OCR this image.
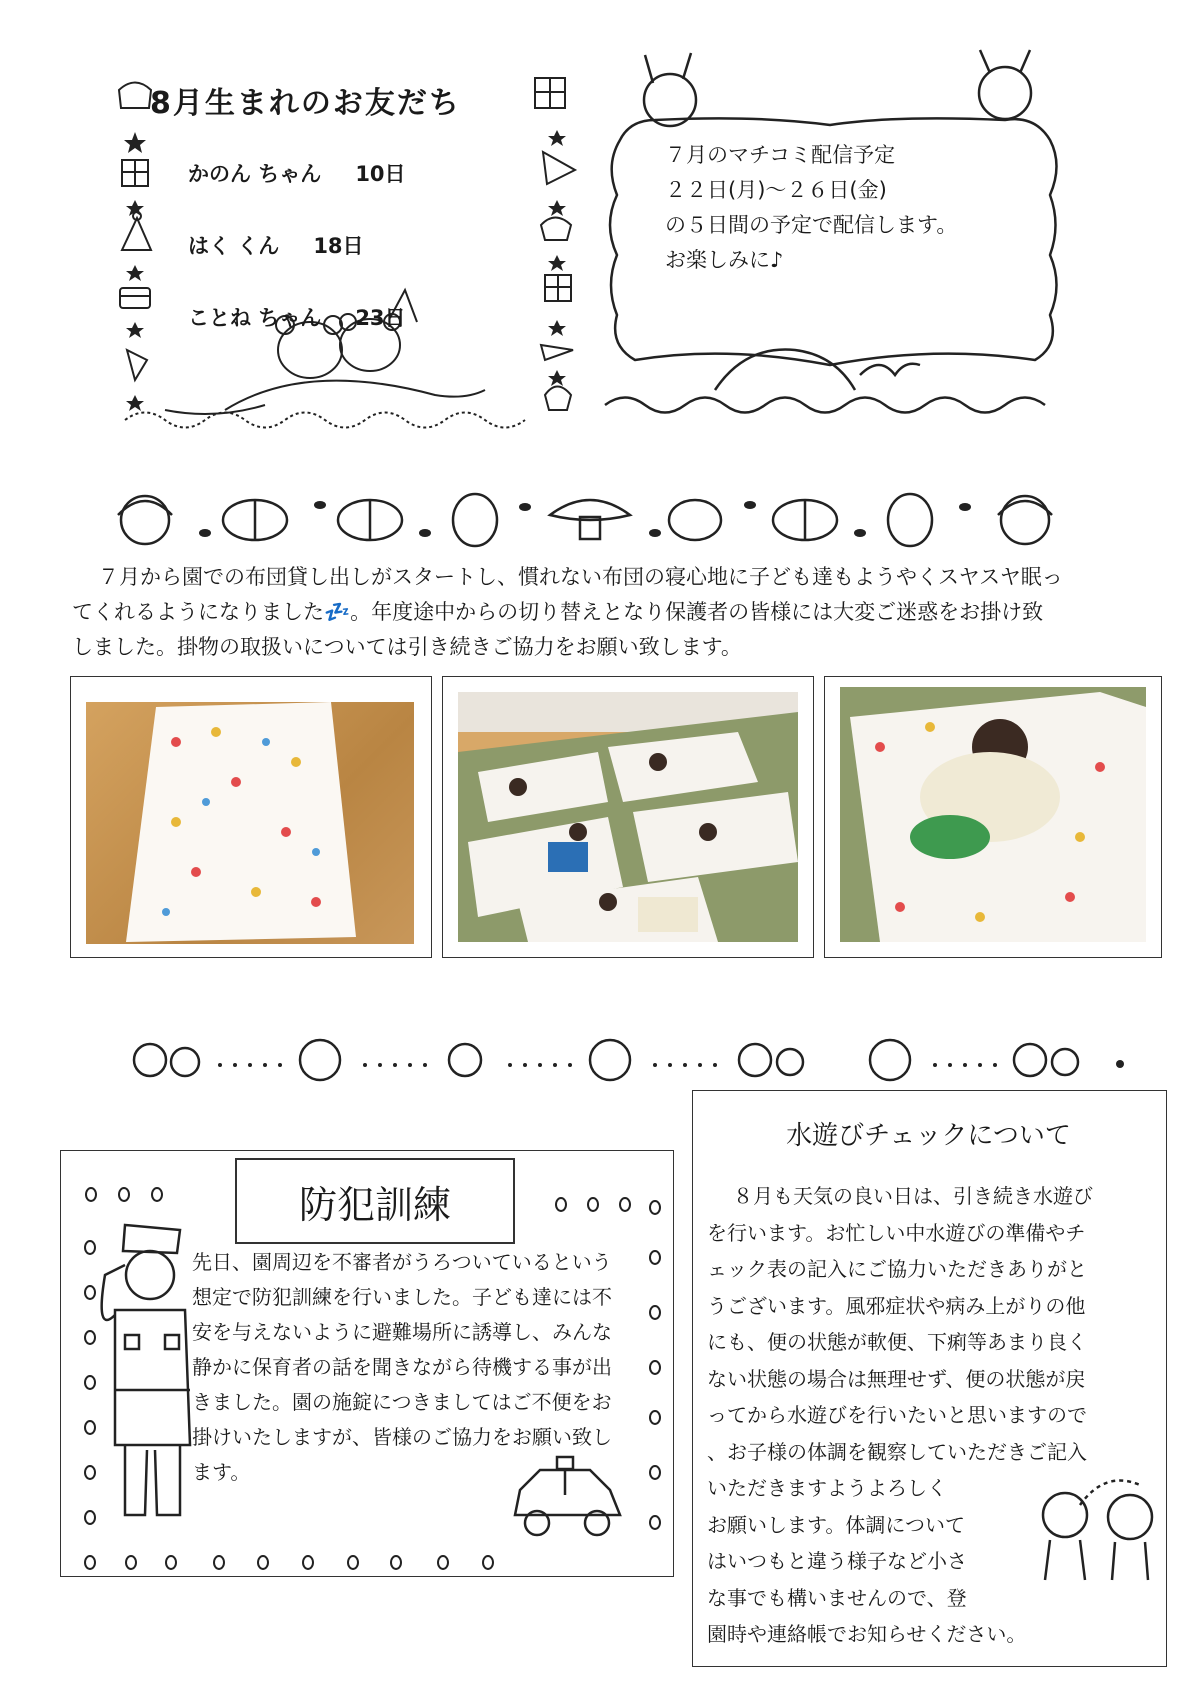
8月生まれのお友だち
かのん ちゃん 10日
はく くん 18日
ことね ちゃん 23日
７月のマチコミ配信予定
２２日(月)～２６日(金)
の５日間の予定で配信します。
お楽しみに♪

７月から園での布団貸し出しがスタートし、慣れない布団の寝心地に子ども達もようやくスヤスヤ眠っ

てくれるようになりました💤。年度途中からの切り替えとなり保護者の皆様には大変ご迷惑をお掛け致

しました。掛物の取扱いについては引き続きご協力をお願い致します。

防犯訓練
先日、園周辺を不審者がうろついているという
想定で防犯訓練を行いました。子ども達には不
安を与えないように避難場所に誘導し、みんな
静かに保育者の話を聞きながら待機する事が出
きました。園の施錠につきましてはご不便をお
掛けいたしますが、皆様のご協力をお願い致し
ます。
水遊びチェックについて
８月も天気の良い日は、引き続き水遊び
を行います。お忙しい中水遊びの準備やチ
ェック表の記入にご協力いただきありがと
うございます。風邪症状や病み上がりの他
にも、便の状態が軟便、下痢等あまり良く
ない状態の場合は無理せず、便の状態が戻
ってから水遊びを行いたいと思いますので
、お子様の体調を観察していただきご記入
いただきますようよろしく
お願いします。体調について
はいつもと違う様子など小さ
な事でも構いませんので、登
園時や連絡帳でお知らせください。
